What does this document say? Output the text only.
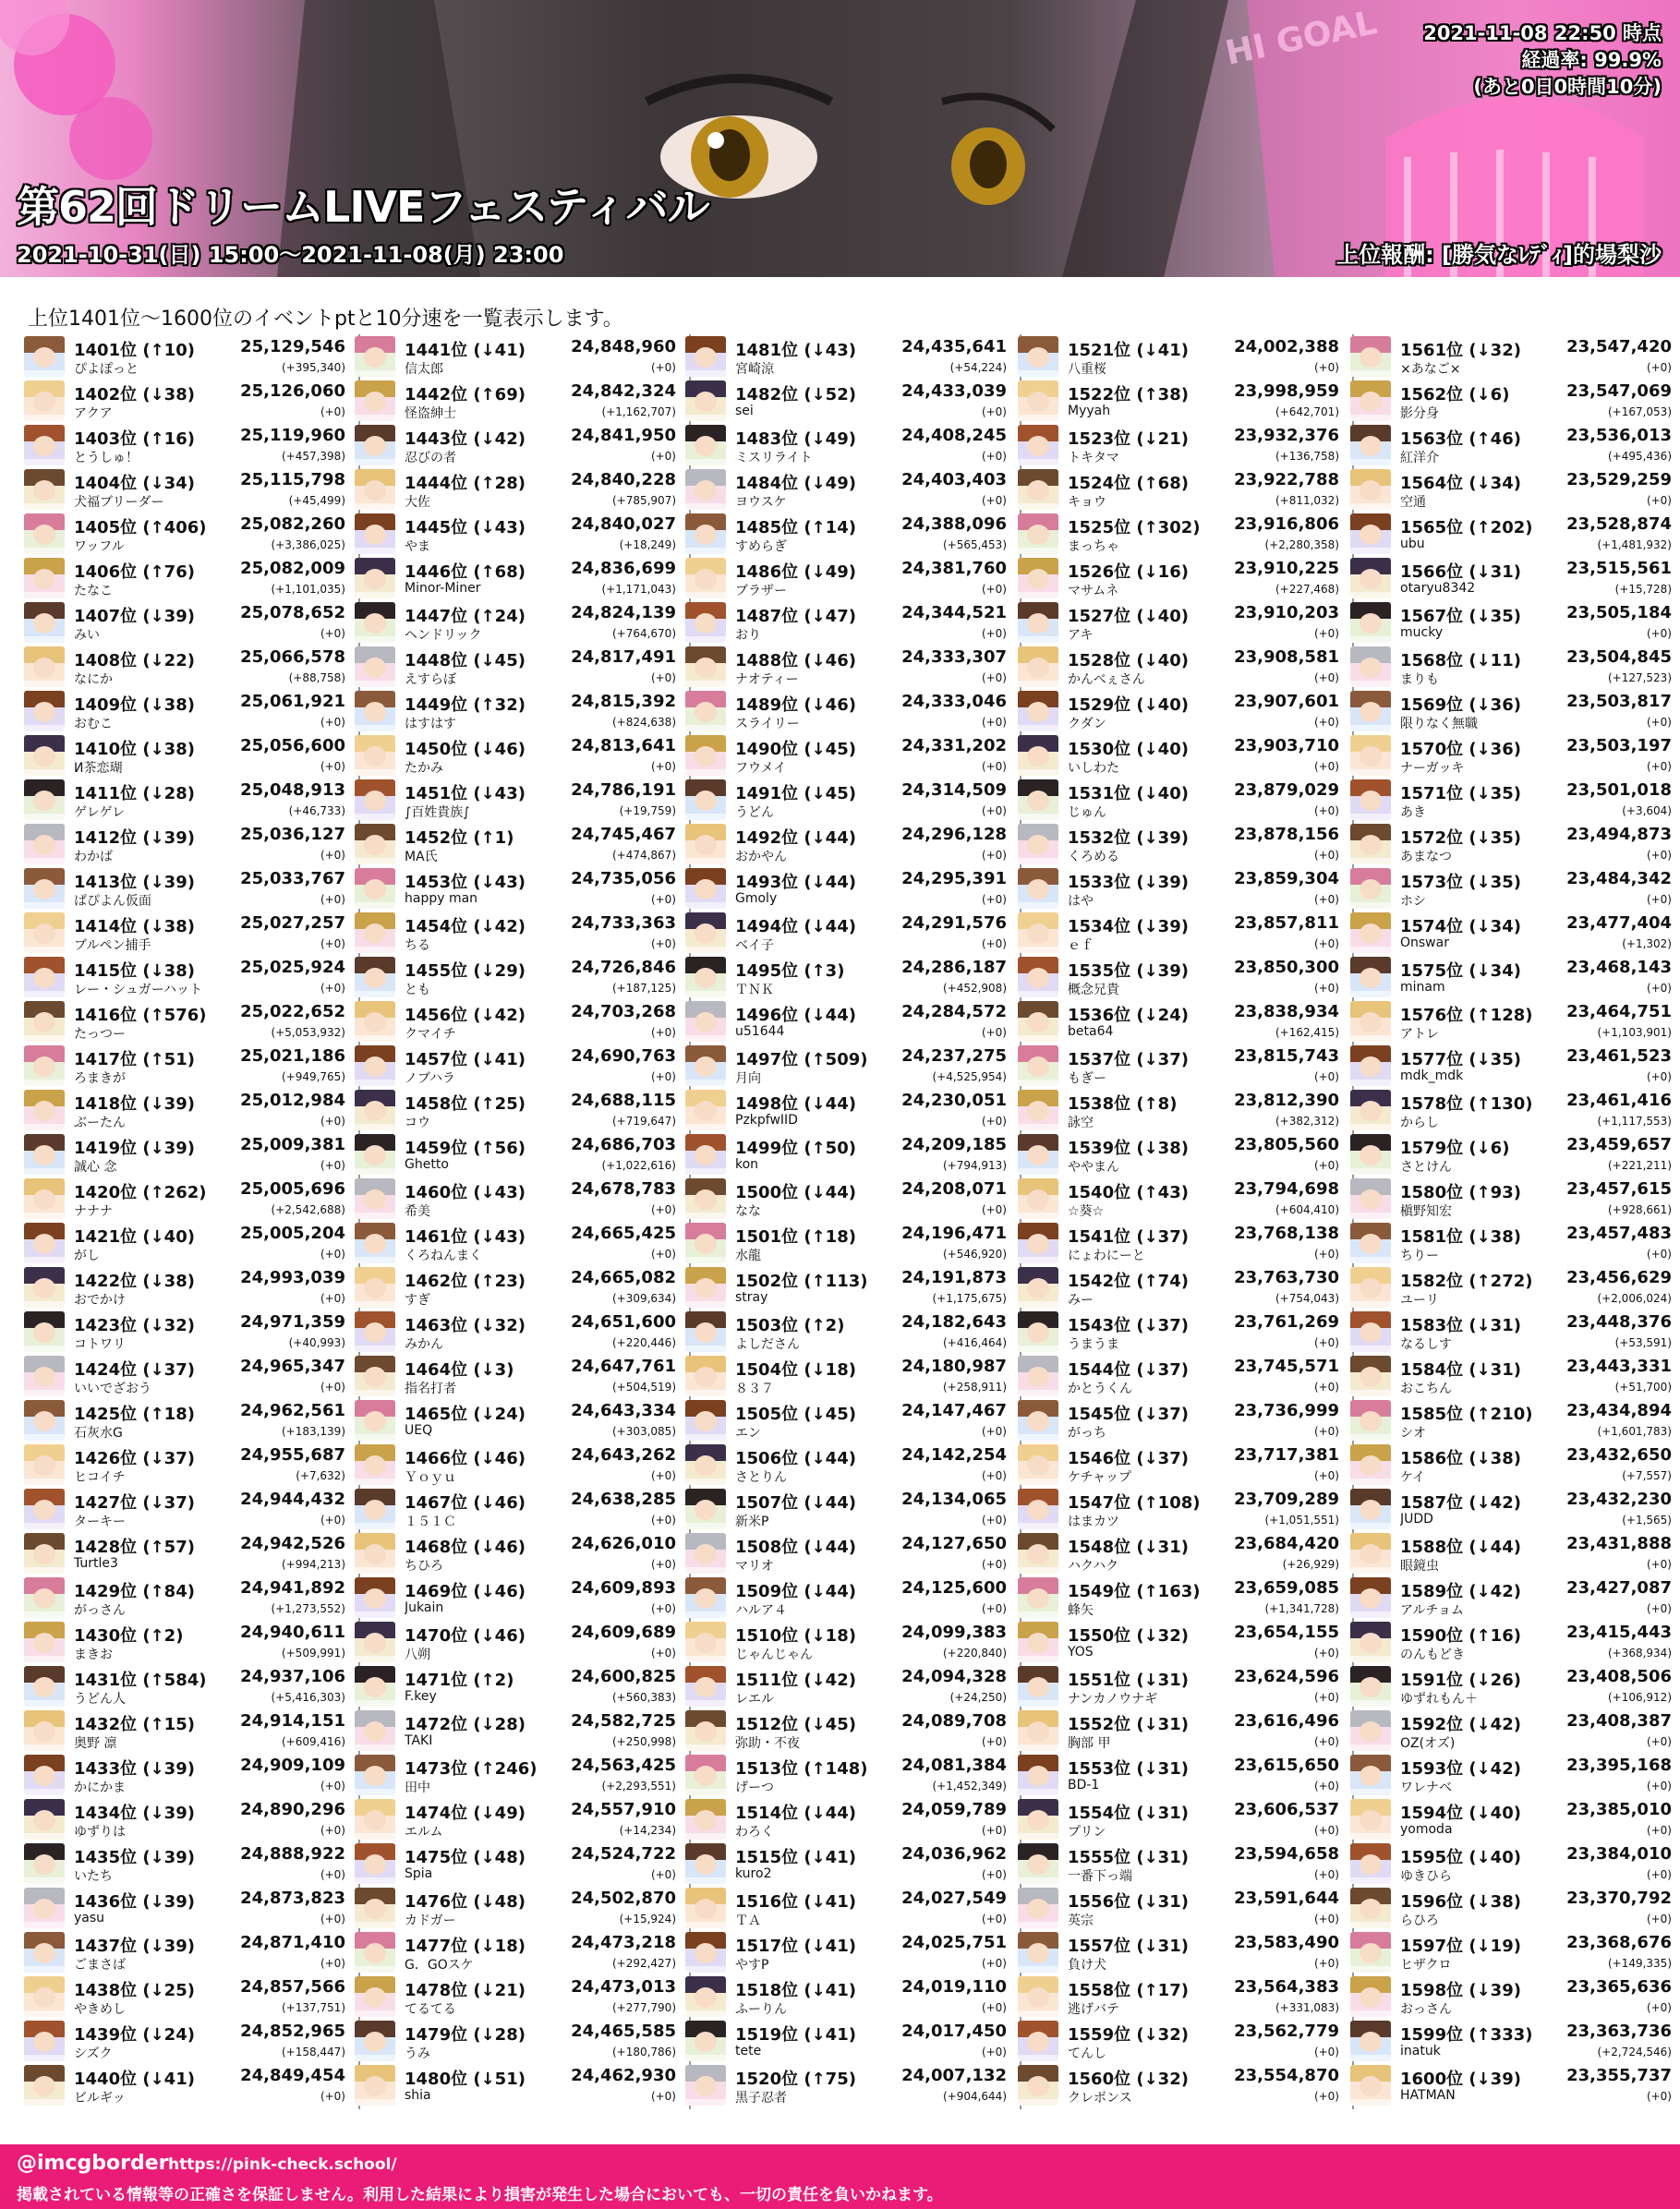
HI GOAL
第62回ドリームLIVEフェスティバル
2021-10-31(日) 15:00〜2021-11-08(月) 23:00	上位報酬: [勝気なﾚﾃﾞｨ]的場梨沙
2021-11-08 22:50 時点
経過率: 99.9%
(あと0日0時間10分)
上位1401位〜1600位のイベントptと10分速を一覧表示します。
1401位 (↑10)	25,129,546
ぴよぽっと	(+395,340)
1402位 (↓38)	25,126,060
アクア	(+0)
1403位 (↑16)	25,119,960
とうしゅ！	(+457,398)
1404位 (↓34)	25,115,798
犬福ブリーダー	(+45,499)
1405位 (↑406) 25,082,260
ワッフル	(+3,386,025)
1406位 (↑76)	25,082,009
たなこ	(+1,101,035)
1407位 (↓39)	25,078,652
みい	(+0)
1408位 (↓22)	25,066,578
なにか	(+88,758)
1409位 (↓38)	25,061,921
おむこ	(+0)
1410位 (↓38)	25,056,600
И茶恋瑚	(+0)
1411位 (↓28)	25,048,913
ゲレゲレ	(+46,733)
1412位 (↓39)	25,036,127
わかば	(+0)
1413位 (↓39)	25,033,767
ぱぴよん仮面	(+0)
1414位 (↓38)	25,027,257
ブルペン捕手	(+0)
1415位 (↓38)	25,025,924
レー・シュガーハット	(+0)
1416位 (↑576) 25,022,652
たっつー	(+5,053,932)
1417位 (↑51)	25,021,186
ろまきが	(+949,765)
1418位 (↓39)	25,012,984
ぶーたん	(+0)
1419位 (↓39)	25,009,381
誠心 念	(+0)
1420位 (↑262) 25,005,696
ナナナ	(+2,542,688)
1421位 (↓40)	25,005,204
がし	(+0)
1422位 (↓38)	24,993,039
おでかけ	(+0)
1423位 (↓32)	24,971,359
コトワリ	(+40,993)
1424位 (↓37)	24,965,347
いいでざおう	(+0)
1425位 (↑18)	24,962,561
石灰水G	(+183,139)
1426位 (↓37)	24,955,687
ヒコイチ	(+7,632)
1427位 (↓37)	24,944,432
ターキー	(+0)
1428位 (↑57)	24,942,526
Turtle3	(+994,213)
1429位 (↑84)	24,941,892
がっさん	(+1,273,552)
1430位 (↑2)	24,940,611
まきお	(+509,991)
1431位 (↑584) 24,937,106
うどん人	(+5,416,303)
1432位 (↑15)	24,914,151
奥野 凛	(+609,416)
1433位 (↓39)	24,909,109
かにかま	(+0)
1434位 (↓39)	24,890,296
ゆずりは	(+0)
1435位 (↓39)	24,888,922
いたち	(+0)
1436位 (↓39)	24,873,823
yasu	(+0)
1437位 (↓39)	24,871,410
ごまさば	(+0)
1438位 (↓25)	24,857,566
やきめし	(+137,751)
1439位 (↓24)	24,852,965
シズク	(+158,447)
1440位 (↓41)	24,849,454
ビルギッ	(+0)
1441位 (↓41)	24,848,960
信太郎	(+0)
1442位 (↑69)	24,842,324
怪盗紳士	(+1,162,707)
1443位 (↓42)	24,841,950
忍びの者	(+0)
1444位 (↑28)	24,840,228
大佐	(+785,907)
1445位 (↓43)	24,840,027
やま	(+18,249)
1446位 (↑68)	24,836,699
Minor-Miner	(+1,171,043)
1447位 (↑24)	24,824,139
ヘンドリック	(+764,670)
1448位 (↓45)	24,817,491
えすらぼ	(+0)
1449位 (↑32)	24,815,392
はすはす	(+824,638)
1450位 (↓46)	24,813,641
たかみ	(+0)
1451位 (↓43)	24,786,191
∫百姓貴族∫	(+19,759)
1452位 (↑1)	24,745,467
MA氏	(+474,867)
1453位 (↓43)	24,735,056
happy man	(+0)
1454位 (↓42)	24,733,363
ちる	(+0)
1455位 (↓29)	24,726,846
とも	(+187,125)
1456位 (↓42)	24,703,268
クマイチ	(+0)
1457位 (↓41)	24,690,763
ノブハラ	(+0)
1458位 (↑25)	24,688,115
コウ	(+719,647)
1459位 (↑56)	24,686,703
Ghetto	(+1,022,616)
1460位 (↓43)	24,678,783
希美	(+0)
1461位 (↓43)	24,665,425
くろねんまく	(+0)
1462位 (↑23)	24,665,082
すぎ	(+309,634)
1463位 (↓32)	24,651,600
みかん	(+220,446)
1464位 (↓3)	24,647,761
指名打者	(+504,519)
1465位 (↓24)	24,643,334
UEQ	(+303,085)
1466位 (↓46)	24,643,262
Ｙｏｙｕ	(+0)
1467位 (↓46)	24,638,285
１５１Ｃ	(+0)
1468位 (↓46)	24,626,010
ちひろ	(+0)
1469位 (↓46)	24,609,893
Jukain	(+0)
1470位 (↓46)	24,609,689
八朔	(+0)
1471位 (↑2)	24,600,825
F.key	(+560,383)
1472位 (↓28)	24,582,725
TAKI	(+250,998)
1473位 (↑246) 24,563,425
田中	(+2,293,551)
1474位 (↓49)	24,557,910
エルム	(+14,234)
1475位 (↓48)	24,524,722
Spia	(+0)
1476位 (↓48)	24,502,870
カドガー	(+15,924)
1477位 (↓18)	24,473,218
G．GOスケ	(+292,427)
1478位 (↓21)	24,473,013
てるてる	(+277,790)
1479位 (↓28)	24,465,585
うみ	(+180,786)
1480位 (↓51)	24,462,930
shia	(+0)
1481位 (↓43)	24,435,641
宮崎涼	(+54,224)
1482位 (↓52)	24,433,039
sei	(+0)
1483位 (↓49)	24,408,245
ミスリライト	(+0)
1484位 (↓49)	24,403,403
ヨウスケ	(+0)
1485位 (↑14)	24,388,096
すめらぎ	(+565,453)
1486位 (↓49)	24,381,760
ブラザー	(+0)
1487位 (↓47)	24,344,521
おり	(+0)
1488位 (↓46)	24,333,307
ナオティー	(+0)
1489位 (↓46)	24,333,046
スライリー	(+0)
1490位 (↓45)	24,331,202
フウメイ	(+0)
1491位 (↓45)	24,314,509
うどん	(+0)
1492位 (↓44)	24,296,128
おかやん	(+0)
1493位 (↓44)	24,295,391
Gmoly	(+0)
1494位 (↓44)	24,291,576
ベイ子	(+0)
1495位 (↑3)	24,286,187
ＴＮＫ	(+452,908)
1496位 (↓44)	24,284,572
u51644	(+0)
1497位 (↑509) 24,237,275
月向	(+4,525,954)
1498位 (↓44)	24,230,051
PzkpfwIID	(+0)
1499位 (↑50)	24,209,185
kon	(+794,913)
1500位 (↓44)	24,208,071
なな	(+0)
1501位 (↑18)	24,196,471
水龍	(+546,920)
1502位 (↑113) 24,191,873
stray	(+1,175,675)
1503位 (↑2)	24,182,643
よしださん	(+416,464)
1504位 (↓18)	24,180,987
８３７	(+258,911)
1505位 (↓45)	24,147,467
エン	(+0)
1506位 (↓44)	24,142,254
さとりん	(+0)
1507位 (↓44)	24,134,065
新米P	(+0)
1508位 (↓44)	24,127,650
マリオ	(+0)
1509位 (↓44)	24,125,600
ハルア４	(+0)
1510位 (↓18)	24,099,383
じゃんじゃん	(+220,840)
1511位 (↓42)	24,094,328
レエル	(+24,250)
1512位 (↓45)	24,089,708
弥助・不夜	(+0)
1513位 (↑148) 24,081,384
げーつ	(+1,452,349)
1514位 (↓44)	24,059,789
わろく	(+0)
1515位 (↓41)	24,036,962
kuro2	(+0)
1516位 (↓41)	24,027,549
ＴＡ	(+0)
1517位 (↓41)	24,025,751
やすP	(+0)
1518位 (↓41)	24,019,110
ふーりん	(+0)
1519位 (↓41)	24,017,450
tete	(+0)
1520位 (↑75)	24,007,132
黒子忍者	(+904,644)
1521位 (↓41)	24,002,388
八重桜	(+0)
1522位 (↑38)	23,998,959
Myyah	(+642,701)
1523位 (↓21)	23,932,376
トキタマ	(+136,758)
1524位 (↑68)	23,922,788
キョウ	(+811,032)
1525位 (↑302) 23,916,806
まっちゃ	(+2,280,358)
1526位 (↓16)	23,910,225
マサムネ	(+227,468)
1527位 (↓40)	23,910,203
アキ	(+0)
1528位 (↓40)	23,908,581
かんべぇさん	(+0)
1529位 (↓40)	23,907,601
クダン	(+0)
1530位 (↓40)	23,903,710
いしわた	(+0)
1531位 (↓40)	23,879,029
じゅん	(+0)
1532位 (↓39)	23,878,156
くろめる	(+0)
1533位 (↓39)	23,859,304
はや	(+0)
1534位 (↓39)	23,857,811
ｅｆ	(+0)
1535位 (↓39)	23,850,300
概念兄貴	(+0)
1536位 (↓24)	23,838,934
beta64	(+162,415)
1537位 (↓37)	23,815,743
もぎー	(+0)
1538位 (↑8)	23,812,390
詠空	(+382,312)
1539位 (↓38)	23,805,560
ややまん	(+0)
1540位 (↑43)	23,794,698
☆葵☆	(+604,410)
1541位 (↓37)	23,768,138
にょわにーと	(+0)
1542位 (↑74)	23,763,730
みー	(+754,043)
1543位 (↓37)	23,761,269
うまうま	(+0)
1544位 (↓37)	23,745,571
かとうくん	(+0)
1545位 (↓37)	23,736,999
がっち	(+0)
1546位 (↓37)	23,717,381
ケチャップ	(+0)
1547位 (↑108) 23,709,289
はまカツ	(+1,051,551)
1548位 (↓31)	23,684,420
ハクハク	(+26,929)
1549位 (↑163) 23,659,085
蜂矢	(+1,341,728)
1550位 (↓32)	23,654,155
YOS	(+0)
1551位 (↓31)	23,624,596
ナンカノウナギ	(+0)
1552位 (↓31)	23,616,496
胸部 甲	(+0)
1553位 (↓31)	23,615,650
BD-1	(+0)
1554位 (↓31)	23,606,537
プリン	(+0)
1555位 (↓31)	23,594,658
一番下っ端	(+0)
1556位 (↓31)	23,591,644
英宗	(+0)
1557位 (↓31)	23,583,490
負け犬	(+0)
1558位 (↑17)	23,564,383
逃げバテ	(+331,083)
1559位 (↓32)	23,562,779
てんし	(+0)
1560位 (↓32)	23,554,870
クレボンス	(+0)
1561位 (↓32)	23,547,420
×あなご×	(+0)
1562位 (↓6)	23,547,069
影分身	(+167,053)
1563位 (↑46)	23,536,013
紅洋介	(+495,436)
1564位 (↓34)	23,529,259
空通	(+0)
1565位 (↑202) 23,528,874
ubu	(+1,481,932)
1566位 (↓31)	23,515,561
otaryu8342	(+15,728)
1567位 (↓35)	23,505,184
mucky	(+0)
1568位 (↓11)	23,504,845
まりも	(+127,523)
1569位 (↓36)	23,503,817
限りなく無職	(+0)
1570位 (↓36)	23,503,197
ナーガッキ	(+0)
1571位 (↓35)	23,501,018
あき	(+3,604)
1572位 (↓35)	23,494,873
あまなつ	(+0)
1573位 (↓35)	23,484,342
ホシ	(+0)
1574位 (↓34)	23,477,404
Onswar	(+1,302)
1575位 (↓34)	23,468,143
minam	(+0)
1576位 (↑128) 23,464,751
アトレ	(+1,103,901)
1577位 (↓35)	23,461,523
mdk_mdk	(+0)
1578位 (↑130) 23,461,416
からし	(+1,117,553)
1579位 (↓6)	23,459,657
さとけん	(+221,211)
1580位 (↑93)	23,457,615
槇野知宏	(+928,661)
1581位 (↓38)	23,457,483
ちりー	(+0)
1582位 (↑272) 23,456,629
ユーリ	(+2,006,024)
1583位 (↓31)	23,448,376
なるしす	(+53,591)
1584位 (↓31)	23,443,331
おこちん	(+51,700)
1585位 (↑210) 23,434,894
シオ	(+1,601,783)
1586位 (↓38)	23,432,650
ケイ	(+7,557)
1587位 (↓42)	23,432,230
JUDD	(+1,565)
1588位 (↓44)	23,431,888
眼鏡虫	(+0)
1589位 (↓42)	23,427,087
アルチョム	(+0)
1590位 (↑16)	23,415,443
のんもどき	(+368,934)
1591位 (↓26)	23,408,506
ゆずれもん＋	(+106,912)
1592位 (↓42)	23,408,387
OZ(オズ)	(+0)
1593位 (↓42)	23,395,168
ワレナベ	(+0)
1594位 (↓40)	23,385,010
yomoda	(+0)
1595位 (↓40)	23,384,010
ゆきひら	(+0)
1596位 (↓38)	23,370,792
らひろ	(+0)
1597位 (↓19)	23,368,676
ヒザクロ	(+149,335)
1598位 (↓39)	23,365,636
おっさん	(+0)
1599位 (↑333) 23,363,736
inatuk	(+2,724,546)
1600位 (↓39)	23,355,737
HATMAN	(+0)
@imcgborder https://pink-check.school/
掲載されている情報等の正確さを保証しません。利用した結果により損害が発生した場合においても、一切の責任を負いかねます。
